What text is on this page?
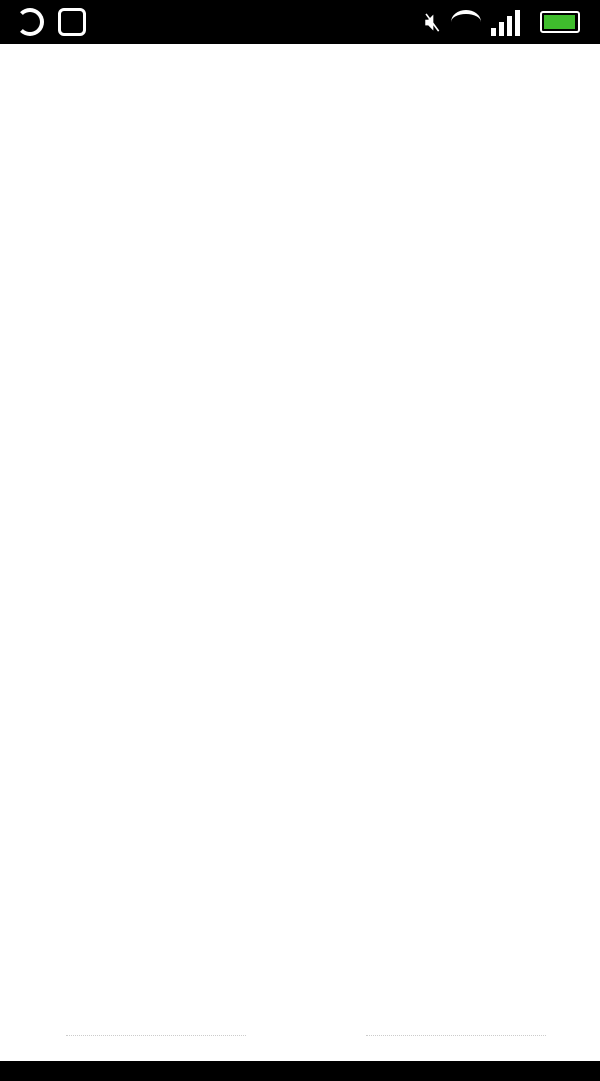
🔇︎
